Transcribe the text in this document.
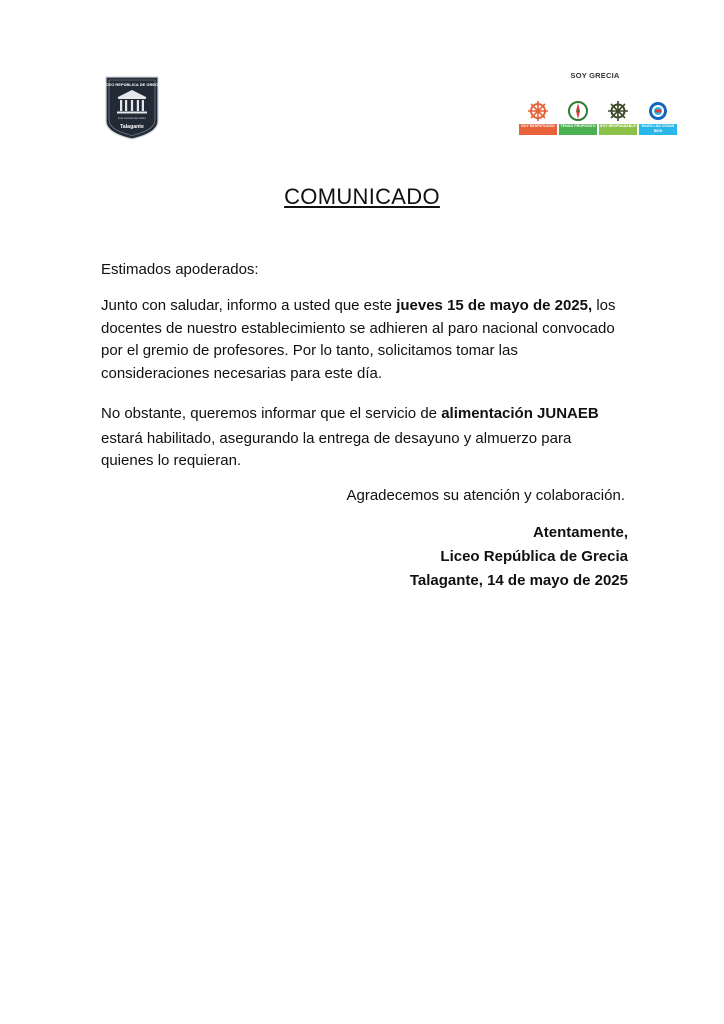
LICEO REPÚBLICA DE GRECIA
Una escuela del saber
Talagante
SOY GRECIA
SOY RESPETUOSO	TENGO PROPÓSITO	SOY RESPONSABLE	HAGO LAS COSAS BIEN
COMUNICADO

Estimados apoderados:

Junto con saludar, informo a usted que este jueves 15 de mayo de 2025, los

docentes de nuestro establecimiento se adhieren al paro nacional convocado

por el gremio de profesores. Por lo tanto, solicitamos tomar las

consideraciones necesarias para este día.

No obstante, queremos informar que el servicio de alimentación JUNAEB

estará habilitado, asegurando la entrega de desayuno y almuerzo para

quienes lo requieran.

Agradecemos su atención y colaboración.
Atentamente,
Liceo República de Grecia
Talagante, 14 de mayo de 2025
